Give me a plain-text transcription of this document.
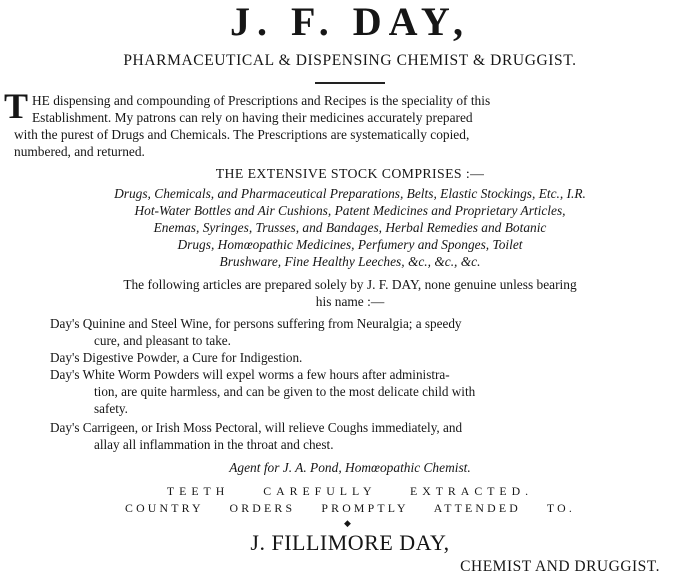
J. F. DAY,
PHARMACEUTICAL & DISPENSING CHEMIST & DRUGGIST.
T HE dispensing and compounding of Prescriptions and Recipes is the speciality of this
Establishment. My patrons can rely on having their medicines accurately prepared
with the purest of Drugs and Chemicals. The Prescriptions are systematically copied,
numbered, and returned.
THE EXTENSIVE STOCK COMPRISES :—
Drugs, Chemicals, and Pharmaceutical Preparations, Belts, Elastic Stockings, Etc., I.R.
Hot-Water Bottles and Air Cushions, Patent Medicines and Proprietary Articles,
Enemas, Syringes, Trusses, and Bandages, Herbal Remedies and Botanic
Drugs, Homœopathic Medicines, Perfumery and Sponges, Toilet
Brushware, Fine Healthy Leeches, &c., &c., &c.
The following articles are prepared solely by J. F. DAY, none genuine unless bearing
his name :—
Day's Quinine and Steel Wine, for persons suffering from Neuralgia; a speedy
cure, and pleasant to take.
Day's Digestive Powder, a Cure for Indigestion.
Day's White Worm Powders will expel worms a few hours after administra-
tion, are quite harmless, and can be given to the most delicate child with
safety.
Day's Carrigeen, or Irish Moss Pectoral, will relieve Coughs immediately, and
allay all inflammation in the throat and chest.
Agent for J. A. Pond, Homœopathic Chemist.
TEETH CAREFULLY EXTRACTED.
COUNTRY ORDERS PROMPTLY ATTENDED TO.
◆
J. FILLIMORE DAY,
CHEMIST AND DRUGGIST.
